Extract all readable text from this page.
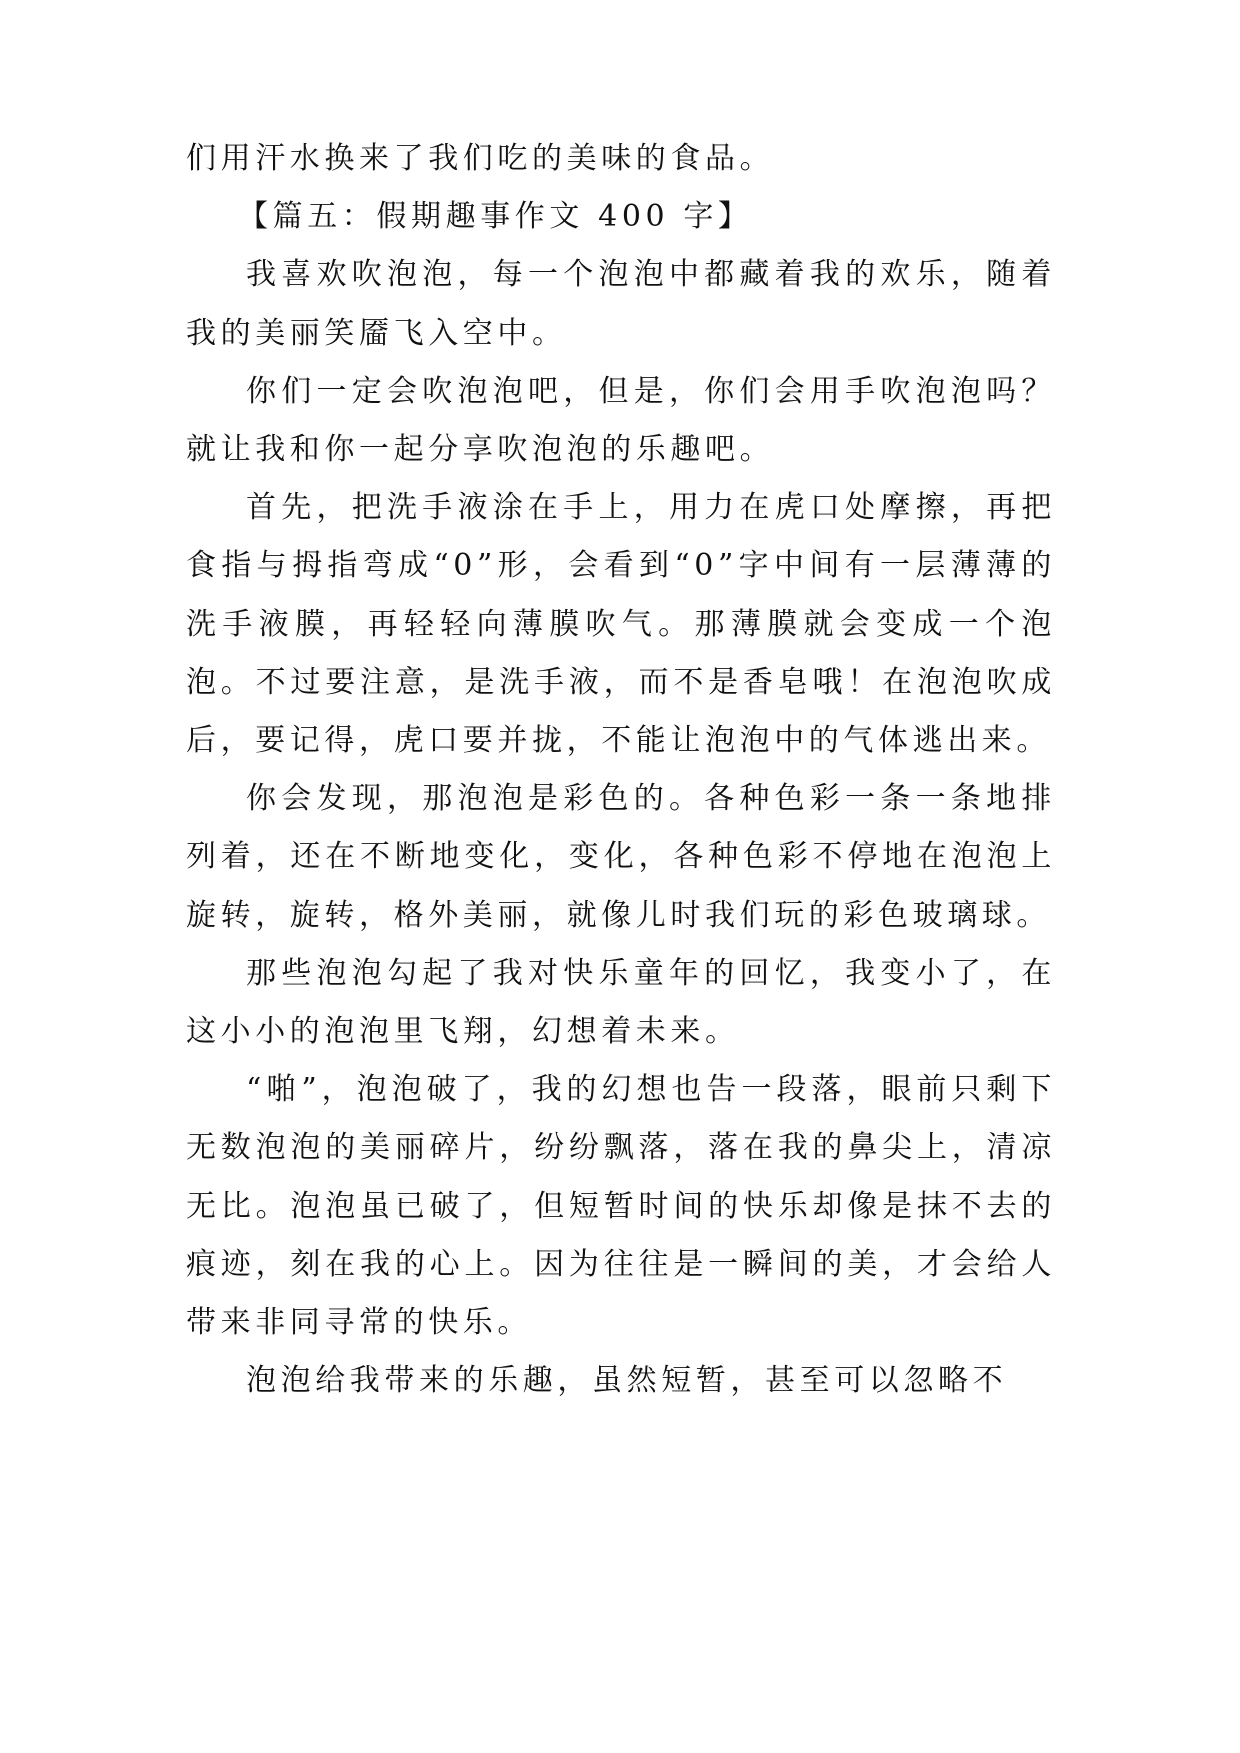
们用汗水换来了我们吃的美味的食品。

【篇五：假期趣事作文 400 字】

我喜欢吹泡泡，每一个泡泡中都藏着我的欢乐，随着我的美丽笑靥飞入空中。

你们一定会吹泡泡吧，但是，你们会用手吹泡泡吗？就让我和你一起分享吹泡泡的乐趣吧。

首先，把洗手液涂在手上，用力在虎口处摩擦，再把食指与拇指弯成“0”形，会看到“0”字中间有一层薄薄的洗手液膜，再轻轻向薄膜吹气。那薄膜就会变成一个泡泡。不过要注意，是洗手液，而不是香皂哦！在泡泡吹成后，要记得，虎口要并拢，不能让泡泡中的气体逃出来。

你会发现，那泡泡是彩色的。各种色彩一条一条地排列着，还在不断地变化，变化，各种色彩不停地在泡泡上旋转，旋转，格外美丽，就像儿时我们玩的彩色玻璃球。

那些泡泡勾起了我对快乐童年的回忆，我变小了，在这小小的泡泡里飞翔，幻想着未来。

“啪”，泡泡破了，我的幻想也告一段落，眼前只剩下无数泡泡的美丽碎片，纷纷飘落，落在我的鼻尖上，清凉无比。泡泡虽已破了，但短暂时间的快乐却像是抹不去的痕迹，刻在我的心上。因为往往是一瞬间的美，才会给人带来非同寻常的快乐。

泡泡给我带来的乐趣，虽然短暂，甚至可以忽略不
